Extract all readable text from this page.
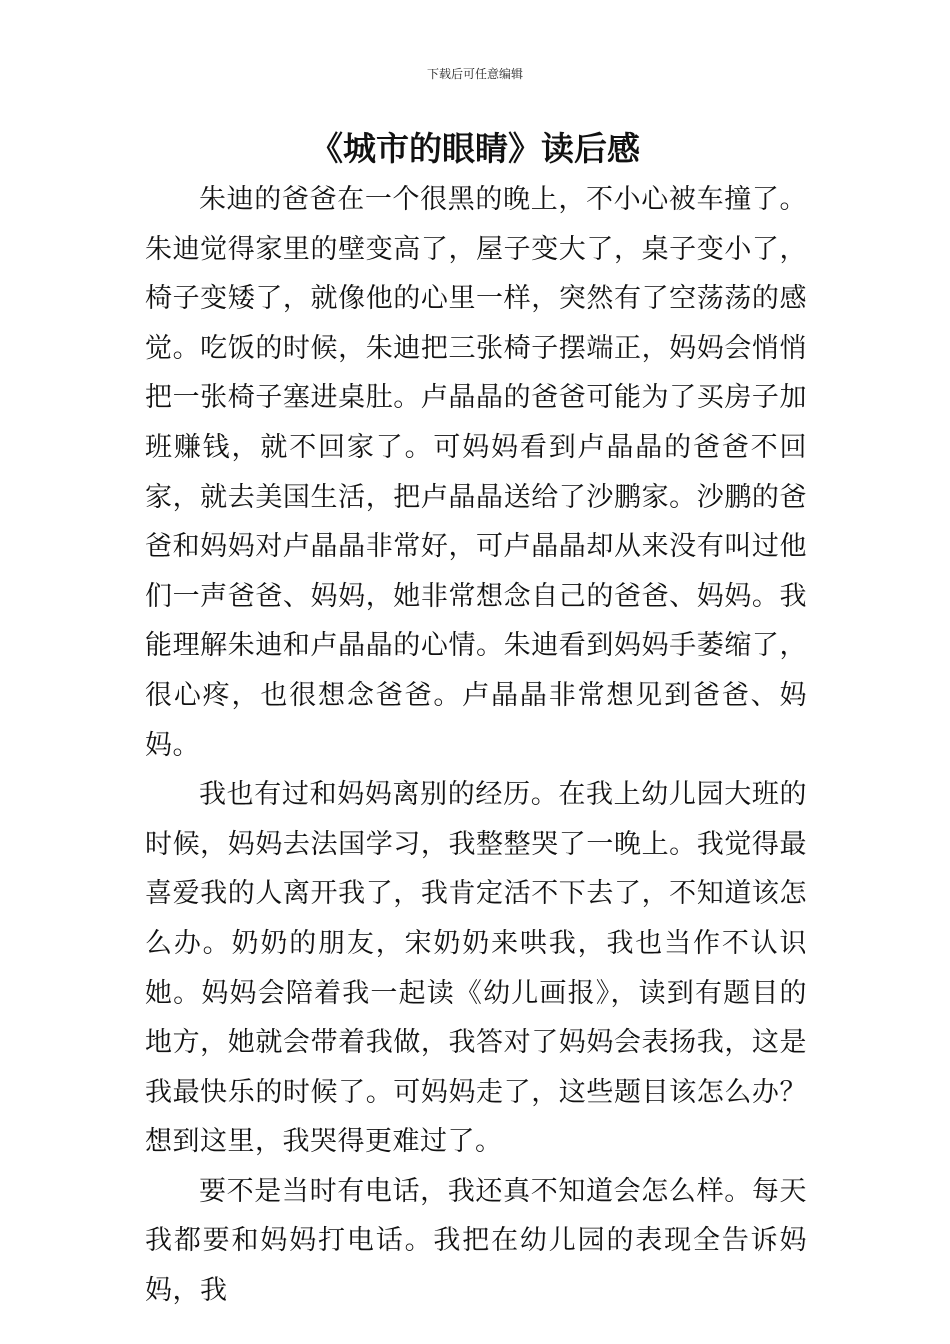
下载后可任意编辑
《城市的眼睛》读后感

朱迪的爸爸在一个很黑的晚上，不小心被车撞了。朱迪觉得家里的壁变高了，屋子变大了，桌子变小了，椅子变矮了，就像他的心里一样，突然有了空荡荡的感觉。吃饭的时候，朱迪把三张椅子摆端正，妈妈会悄悄把一张椅子塞进桌肚。卢晶晶的爸爸可能为了买房子加班赚钱，就不回家了。可妈妈看到卢晶晶的爸爸不回家，就去美国生活，把卢晶晶送给了沙鹏家。沙鹏的爸爸和妈妈对卢晶晶非常好，可卢晶晶却从来没有叫过他们一声爸爸、妈妈，她非常想念自己的爸爸、妈妈。我能理解朱迪和卢晶晶的心情。朱迪看到妈妈手萎缩了，很心疼，也很想念爸爸。卢晶晶非常想见到爸爸、妈妈。

我也有过和妈妈离别的经历。在我上幼儿园大班的时候，妈妈去法国学习，我整整哭了一晚上。我觉得最喜爱我的人离开我了，我肯定活不下去了，不知道该怎么办。奶奶的朋友，宋奶奶来哄我，我也当作不认识她。妈妈会陪着我一起读《幼儿画报》，读到有题目的地方，她就会带着我做，我答对了妈妈会表扬我，这是我最快乐的时候了。可妈妈走了，这些题目该怎么办？想到这里，我哭得更难过了。

要不是当时有电话，我还真不知道会怎么样。每天我都要和妈妈打电话。我把在幼儿园的表现全告诉妈妈，我
